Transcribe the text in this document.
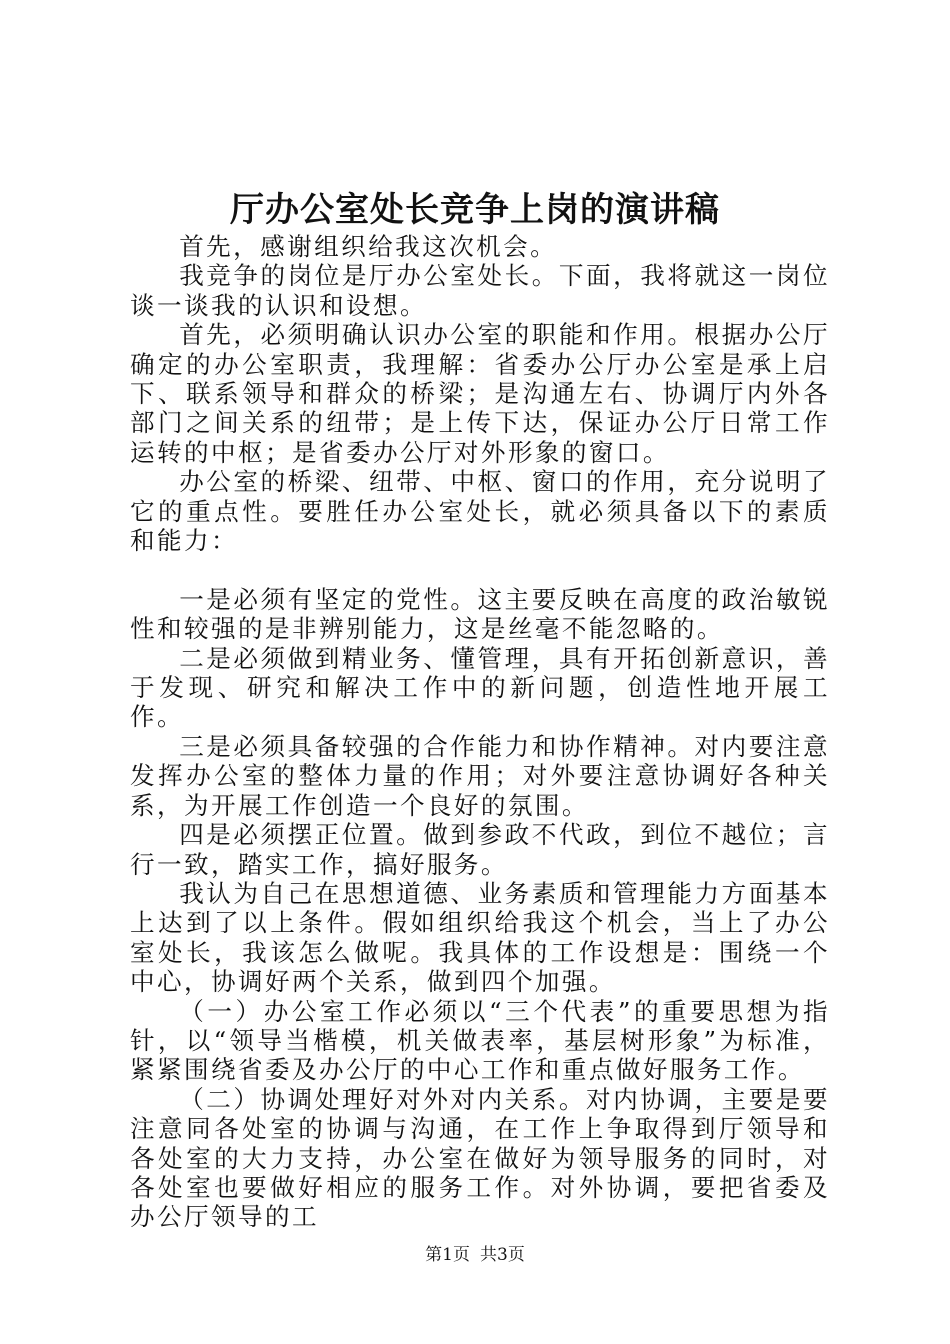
厅办公室处长竞争上岗的演讲稿

首先，感谢组织给我这次机会。

我竞争的岗位是厅办公室处长。下面，我将就这一岗位谈一谈我的认识和设想。

首先，必须明确认识办公室的职能和作用。根据办公厅确定的办公室职责，我理解：省委办公厅办公室是承上启下、联系领导和群众的桥梁；是沟通左右、协调厅内外各部门之间关系的纽带；是上传下达，保证办公厅日常工作运转的中枢；是省委办公厅对外形象的窗口。

办公室的桥梁、纽带、中枢、窗口的作用，充分说明了它的重点性。要胜任办公室处长，就必须具备以下的素质和能力：

一是必须有坚定的党性。这主要反映在高度的政治敏锐性和较强的是非辨别能力，这是丝毫不能忽略的。

二是必须做到精业务、懂管理，具有开拓创新意识，善于发现、研究和解决工作中的新问题，创造性地开展工作。

三是必须具备较强的合作能力和协作精神。对内要注意发挥办公室的整体力量的作用；对外要注意协调好各种关系，为开展工作创造一个良好的氛围。

四是必须摆正位置。做到参政不代政，到位不越位；言行一致，踏实工作，搞好服务。

我认为自己在思想道德、业务素质和管理能力方面基本上达到了以上条件。假如组织给我这个机会，当上了办公室处长，我该怎么做呢。我具体的工作设想是：围绕一个中心，协调好两个关系，做到四个加强。

（一）办公室工作必须以“三个代表”的重要思想为指针，以“领导当楷模，机关做表率，基层树形象”为标准，紧紧围绕省委及办公厅的中心工作和重点做好服务工作。

（二）协调处理好对外对内关系。对内协调，主要是要注意同各处室的协调与沟通，在工作上争取得到厅领导和各处室的大力支持，办公室在做好为领导服务的同时，对各处室也要做好相应的服务工作。对外协调，要把省委及办公厅领导的工

第1页 共3页
